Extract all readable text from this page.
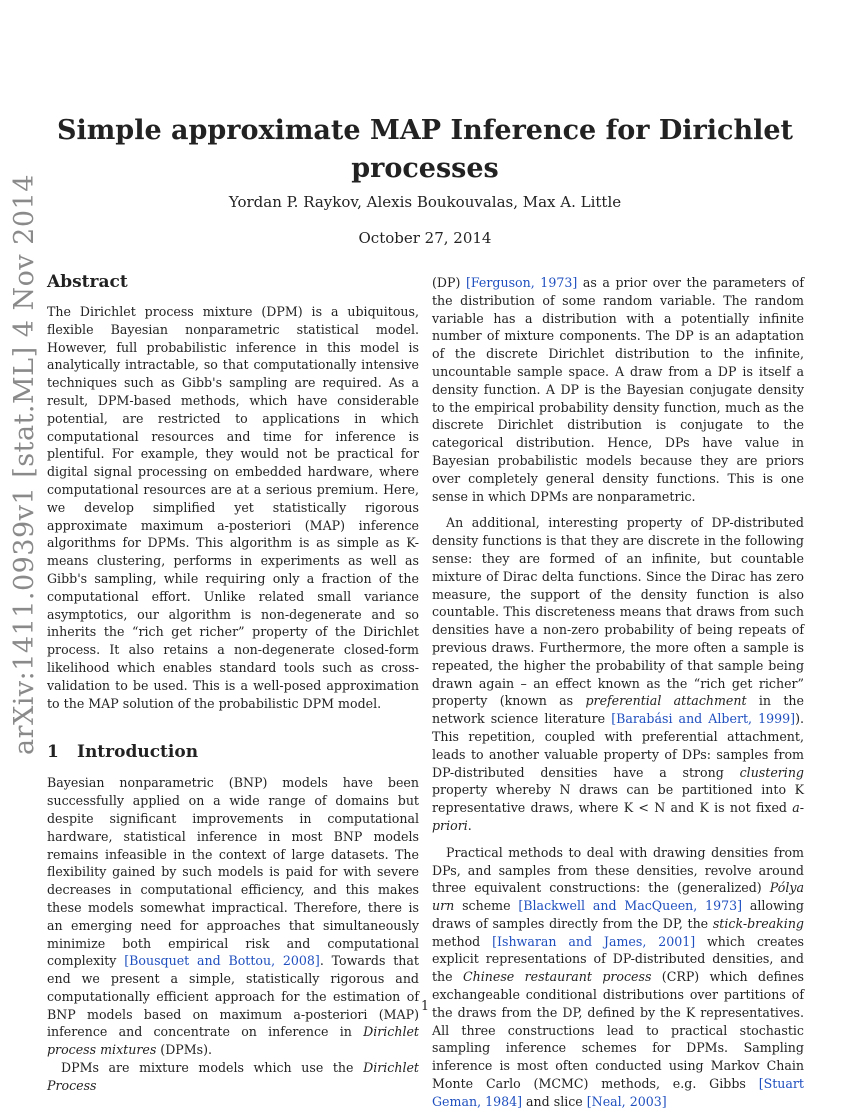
Simple approximate MAP Inference for Dirichlet processes
Yordan P. Raykov, Alexis Boukouvalas, Max A. Little
October 27, 2014
arXiv:1411.0939v1 [stat.ML] 4 Nov 2014 Abstract

The Dirichlet process mixture (DPM) is a ubiquitous, flexible Bayesian nonparametric statistical model. However, full probabilistic inference in this model is analytically intractable, so that computationally intensive techniques such as Gibb's sampling are required. As a result, DPM-based methods, which have considerable potential, are restricted to applications in which computational resources and time for inference is plentiful. For example, they would not be practical for digital signal processing on embedded hardware, where computational resources are at a serious premium. Here, we develop simplified yet statistically rigorous approximate maximum a-posteriori (MAP) inference algorithms for DPMs. This algorithm is as simple as K-means clustering, performs in experiments as well as Gibb's sampling, while requiring only a fraction of the computational effort. Unlike related small variance asymptotics, our algorithm is non-degenerate and so inherits the “rich get richer” property of the Dirichlet process. It also retains a non-degenerate closed-form likelihood which enables standard tools such as cross-validation to be used. This is a well-posed approximation to the MAP solution of the probabilistic DPM model.

1 Introduction

Bayesian nonparametric (BNP) models have been successfully applied on a wide range of domains but despite significant improvements in computational hardware, statistical inference in most BNP models remains infeasible in the context of large datasets. The flexibility gained by such models is paid for with severe decreases in computational efficiency, and this makes these models somewhat impractical. Therefore, there is an emerging need for approaches that simultaneously minimize both empirical risk and computational complexity [Bousquet and Bottou, 2008]. Towards that end we present a simple, statistically rigorous and computationally efficient approach for the estimation of BNP models based on maximum a-posteriori (MAP) inference and concentrate on inference in Dirichlet process mixtures (DPMs).

DPMs are mixture models which use the Dirichlet Process

(DP) [Ferguson, 1973] as a prior over the parameters of the distribution of some random variable. The random variable has a distribution with a potentially infinite number of mixture components. The DP is an adaptation of the discrete Dirichlet distribution to the infinite, uncountable sample space. A draw from a DP is itself a density function. A DP is the Bayesian conjugate density to the empirical probability density function, much as the discrete Dirichlet distribution is conjugate to the categorical distribution. Hence, DPs have value in Bayesian probabilistic models because they are priors over completely general density functions. This is one sense in which DPMs are nonparametric.

An additional, interesting property of DP-distributed density functions is that they are discrete in the following sense: they are formed of an infinite, but countable mixture of Dirac delta functions. Since the Dirac has zero measure, the support of the density function is also countable. This discreteness means that draws from such densities have a non-zero probability of being repeats of previous draws. Furthermore, the more often a sample is repeated, the higher the probability of that sample being drawn again – an effect known as the “rich get richer” property (known as preferential attachment in the network science literature [Barabási and Albert, 1999]). This repetition, coupled with preferential attachment, leads to another valuable property of DPs: samples from DP-distributed densities have a strong clustering property whereby N draws can be partitioned into K representative draws, where K < N and K is not fixed a-priori.

Practical methods to deal with drawing densities from DPs, and samples from these densities, revolve around three equivalent constructions: the (generalized) Pólya urn scheme [Blackwell and MacQueen, 1973] allowing draws of samples directly from the DP, the stick-breaking method [Ishwaran and James, 2001] which creates explicit representations of DP-distributed densities, and the Chinese restaurant process (CRP) which defines exchangeable conditional distributions over partitions of the draws from the DP, defined by the K representatives. All three constructions lead to practical stochastic sampling inference schemes for DPMs. Sampling inference is most often conducted using Markov Chain Monte Carlo (MCMC) methods, e.g. Gibbs [Stuart Geman, 1984] and slice [Neal, 2003]

1
